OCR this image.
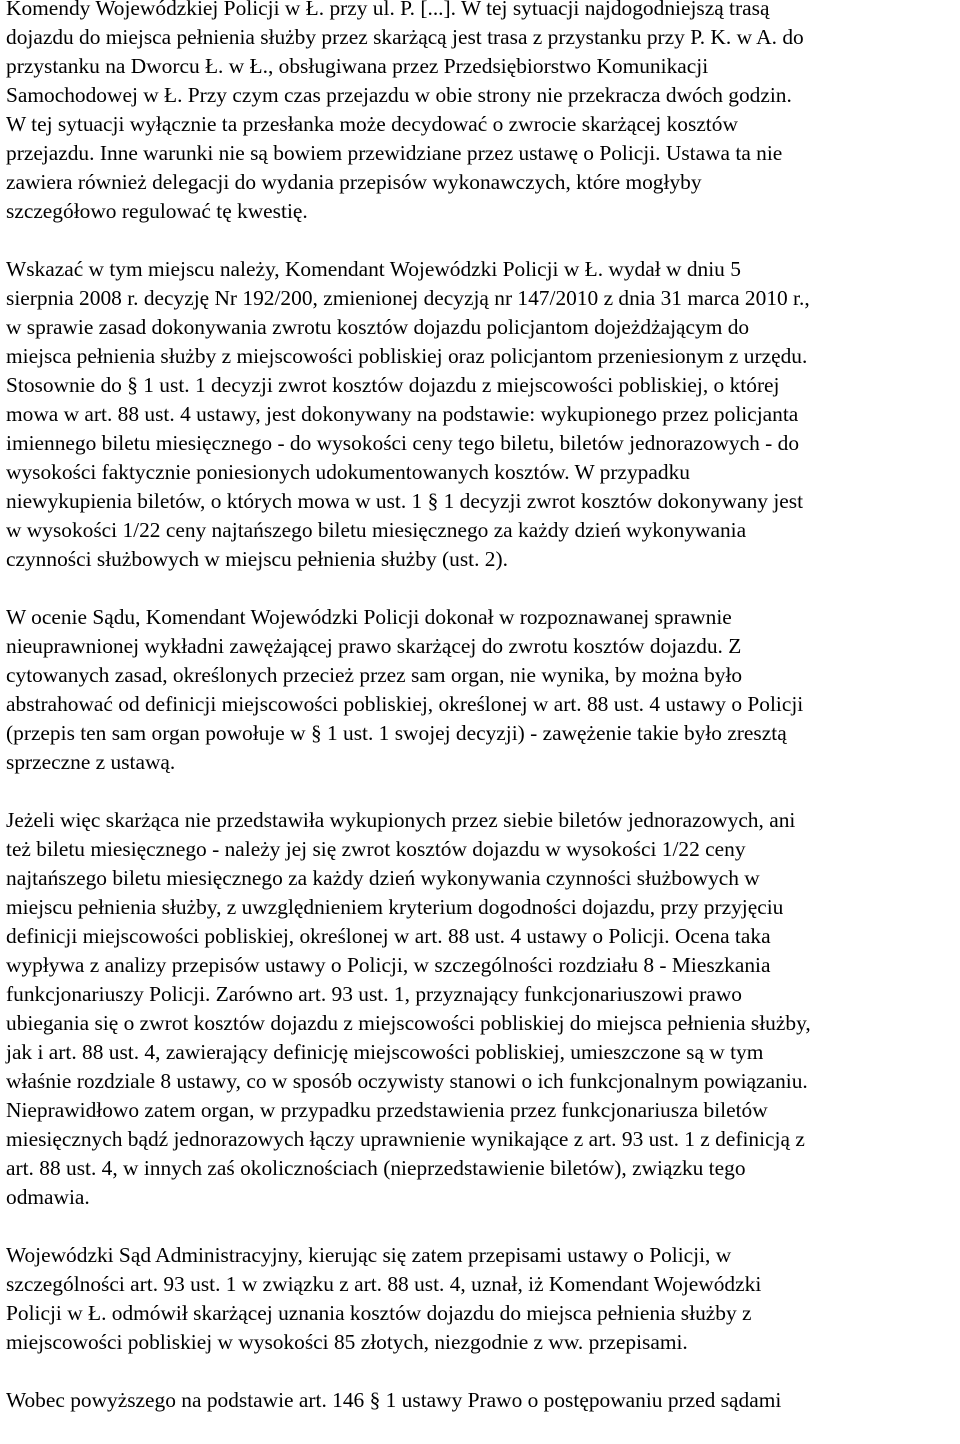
Komendy Wojewódzkiej Policji w Ł. przy ul. P. [...]. W tej sytuacji najdogodniejszą trasą
dojazdu do miejsca pełnienia służby przez skarżącą jest trasa z przystanku przy P. K. w A. do
przystanku na Dworcu Ł. w Ł., obsługiwana przez Przedsiębiorstwo Komunikacji
Samochodowej w Ł. Przy czym czas przejazdu w obie strony nie przekracza dwóch godzin.
W tej sytuacji wyłącznie ta przesłanka może decydować o zwrocie skarżącej kosztów
przejazdu. Inne warunki nie są bowiem przewidziane przez ustawę o Policji. Ustawa ta nie
zawiera również delegacji do wydania przepisów wykonawczych, które mogłyby
szczegółowo regulować tę kwestię.
Wskazać w tym miejscu należy, Komendant Wojewódzki Policji w Ł. wydał w dniu 5
sierpnia 2008 r. decyzję Nr 192/200, zmienionej decyzją nr 147/2010 z dnia 31 marca 2010 r.,
w sprawie zasad dokonywania zwrotu kosztów dojazdu policjantom dojeżdżającym do
miejsca pełnienia służby z miejscowości pobliskiej oraz policjantom przeniesionym z urzędu.
Stosownie do § 1 ust. 1 decyzji zwrot kosztów dojazdu z miejscowości pobliskiej, o której
mowa w art. 88 ust. 4 ustawy, jest dokonywany na podstawie: wykupionego przez policjanta
imiennego biletu miesięcznego - do wysokości ceny tego biletu, biletów jednorazowych - do
wysokości faktycznie poniesionych udokumentowanych kosztów. W przypadku
niewykupienia biletów, o których mowa w ust. 1 § 1 decyzji zwrot kosztów dokonywany jest
w wysokości 1/22 ceny najtańszego biletu miesięcznego za każdy dzień wykonywania
czynności służbowych w miejscu pełnienia służby (ust. 2).
W ocenie Sądu, Komendant Wojewódzki Policji dokonał w rozpoznawanej sprawnie
nieuprawnionej wykładni zawężającej prawo skarżącej do zwrotu kosztów dojazdu. Z
cytowanych zasad, określonych przecież przez sam organ, nie wynika, by można było
abstrahować od definicji miejscowości pobliskiej, określonej w art. 88 ust. 4 ustawy o Policji
(przepis ten sam organ powołuje w § 1 ust. 1 swojej decyzji) - zawężenie takie było zresztą
sprzeczne z ustawą.
Jeżeli więc skarżąca nie przedstawiła wykupionych przez siebie biletów jednorazowych, ani
też biletu miesięcznego - należy jej się zwrot kosztów dojazdu w wysokości 1/22 ceny
najtańszego biletu miesięcznego za każdy dzień wykonywania czynności służbowych w
miejscu pełnienia służby, z uwzględnieniem kryterium dogodności dojazdu, przy przyjęciu
definicji miejscowości pobliskiej, określonej w art. 88 ust. 4 ustawy o Policji. Ocena taka
wypływa z analizy przepisów ustawy o Policji, w szczególności rozdziału 8 - Mieszkania
funkcjonariuszy Policji. Zarówno art. 93 ust. 1, przyznający funkcjonariuszowi prawo
ubiegania się o zwrot kosztów dojazdu z miejscowości pobliskiej do miejsca pełnienia służby,
jak i art. 88 ust. 4, zawierający definicję miejscowości pobliskiej, umieszczone są w tym
właśnie rozdziale 8 ustawy, co w sposób oczywisty stanowi o ich funkcjonalnym powiązaniu.
Nieprawidłowo zatem organ, w przypadku przedstawienia przez funkcjonariusza biletów
miesięcznych bądź jednorazowych łączy uprawnienie wynikające z art. 93 ust. 1 z definicją z
art. 88 ust. 4, w innych zaś okolicznościach (nieprzedstawienie biletów), związku tego
odmawia.
Wojewódzki Sąd Administracyjny, kierując się zatem przepisami ustawy o Policji, w
szczególności art. 93 ust. 1 w związku z art. 88 ust. 4, uznał, iż Komendant Wojewódzki
Policji w Ł. odmówił skarżącej uznania kosztów dojazdu do miejsca pełnienia służby z
miejscowości pobliskiej w wysokości 85 złotych, niezgodnie z ww. przepisami.
Wobec powyższego na podstawie art. 146 § 1 ustawy Prawo o postępowaniu przed sądami
